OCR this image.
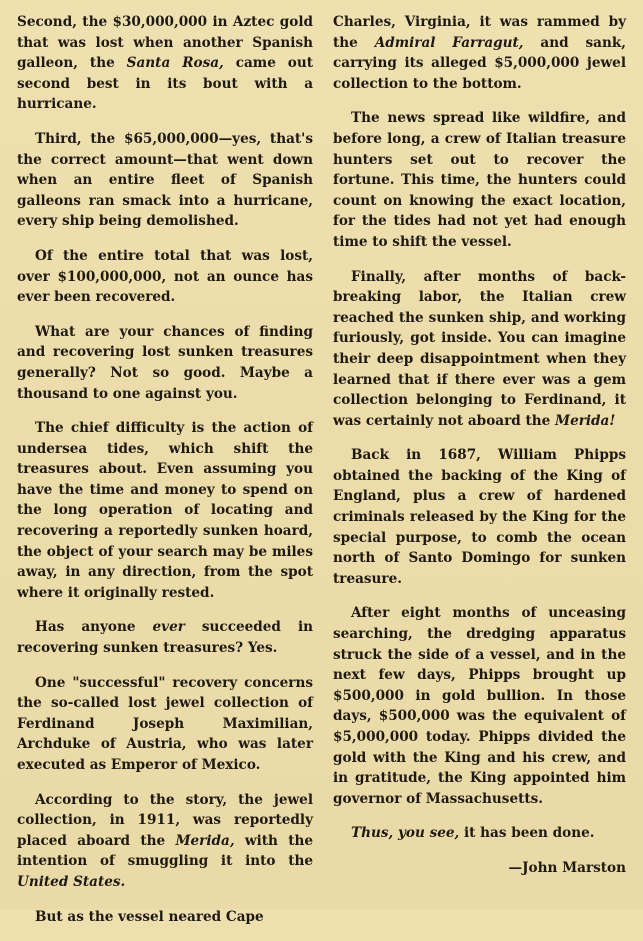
Second, the $30,000,000 in Aztec gold that was lost when another Spanish galleon, the Santa Rosa, came out second best in its bout with a hurricane.

Third, the $65,000,000—yes, that's the correct amount—that went down when an entire fleet of Spanish galleons ran smack into a hurricane, every ship being demolished.

Of the entire total that was lost, over $100,000,000, not an ounce has ever been recovered.

What are your chances of finding and recovering lost sunken treasures generally? Not so good. Maybe a thousand to one against you.

The chief difficulty is the action of undersea tides, which shift the treasures about. Even assuming you have the time and money to spend on the long operation of locating and recovering a reportedly sunken hoard, the object of your search may be miles away, in any direction, from the spot where it originally rested.

Has anyone ever succeeded in recovering sunken treasures? Yes.

One "successful" recovery concerns the so-called lost jewel collection of Ferdinand Joseph Maximilian, Archduke of Austria, who was later executed as Emperor of Mexico.

According to the story, the jewel collection, in 1911, was reportedly placed aboard the Merida, with the intention of smuggling it into the United States.

But as the vessel neared Cape

Charles, Virginia, it was rammed by the Admiral Farragut, and sank, carrying its alleged $5,000,000 jewel collection to the bottom.

The news spread like wildfire, and before long, a crew of Italian treasure hunters set out to recover the fortune. This time, the hunters could count on knowing the exact location, for the tides had not yet had enough time to shift the vessel.

Finally, after months of back-breaking labor, the Italian crew reached the sunken ship, and working furiously, got inside. You can imagine their deep disappointment when they learned that if there ever was a gem collection belonging to Ferdinand, it was certainly not aboard the Merida!

Back in 1687, William Phipps obtained the backing of the King of England, plus a crew of hardened criminals released by the King for the special purpose, to comb the ocean north of Santo Domingo for sunken treasure.

After eight months of unceasing searching, the dredging apparatus struck the side of a vessel, and in the next few days, Phipps brought up $500,000 in gold bullion. In those days, $500,000 was the equivalent of $5,000,000 today. Phipps divided the gold with the King and his crew, and in gratitude, the King appointed him governor of Massachusetts.

Thus, you see, it has been done.

—John Marston
